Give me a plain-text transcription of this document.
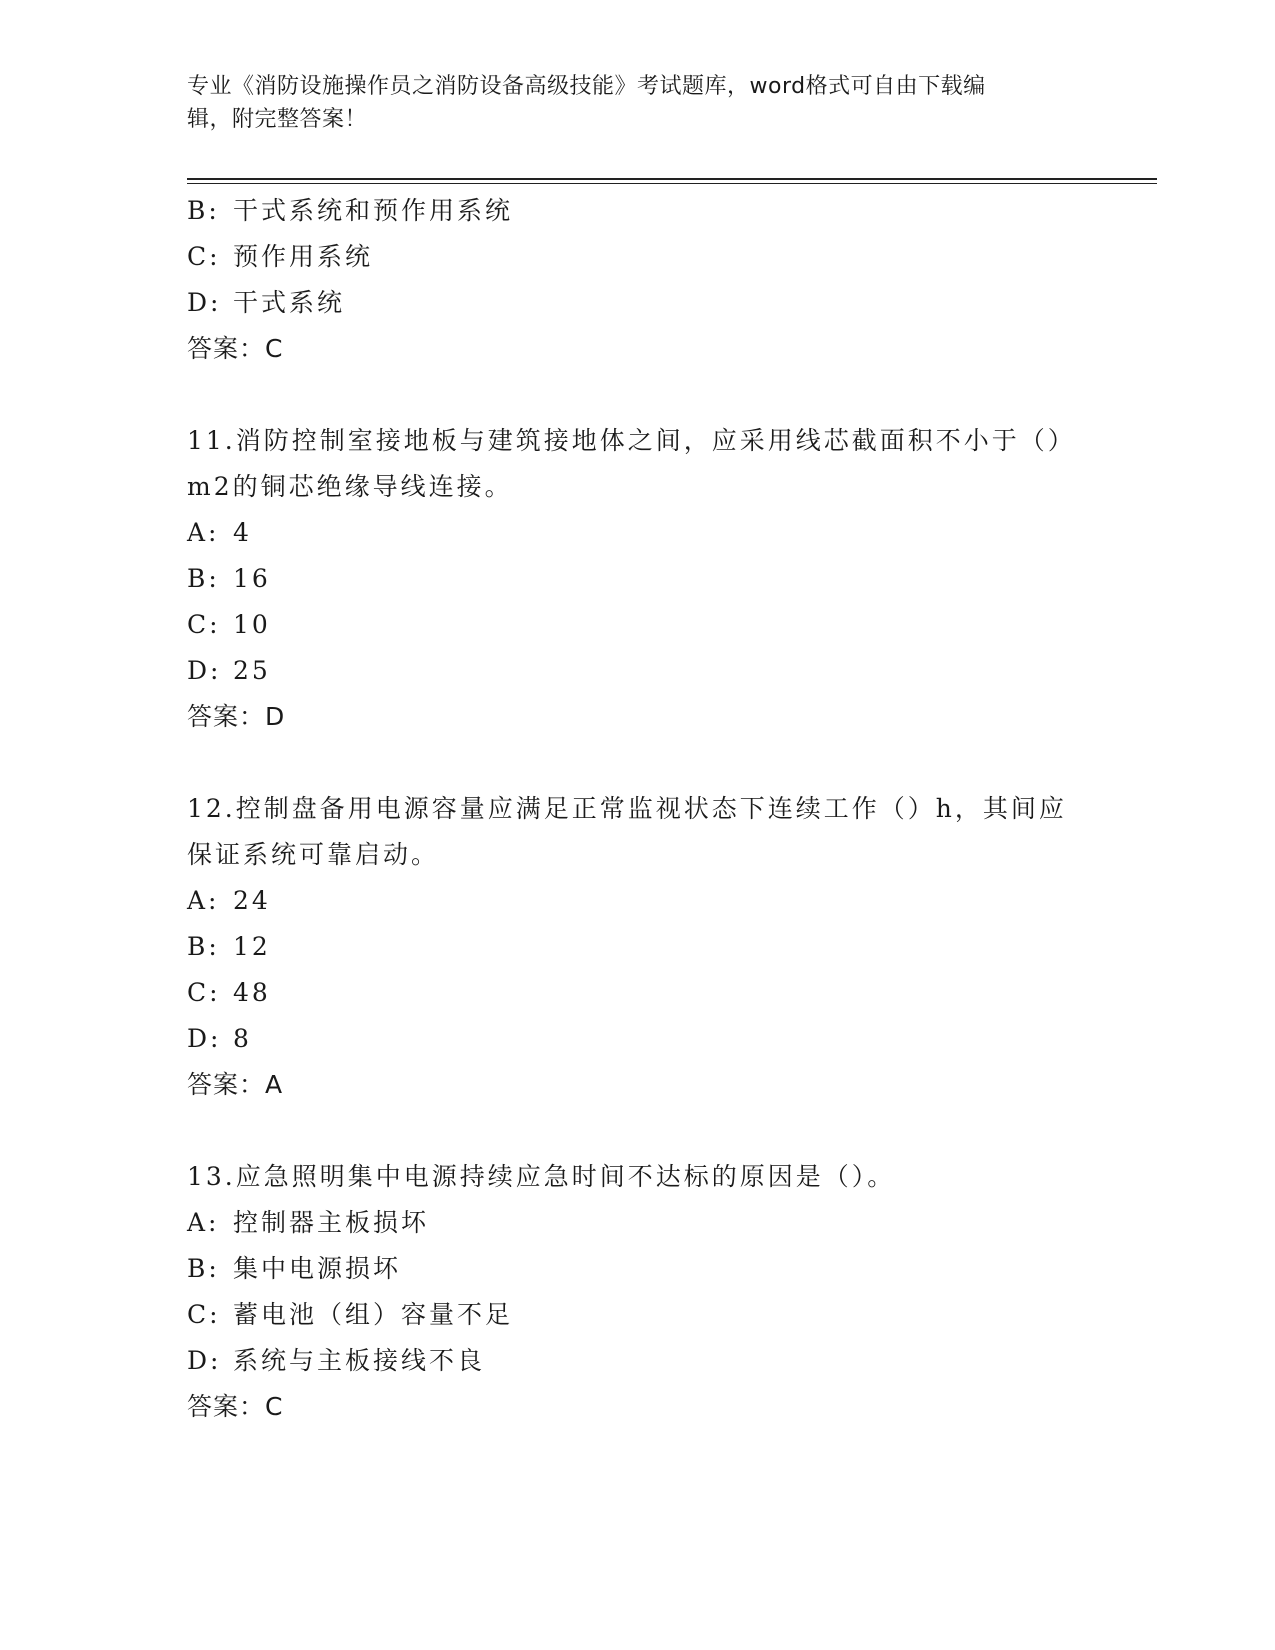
专业《消防设施操作员之消防设备高级技能》考试题库，word格式可自由下载编
辑，附完整答案！
B: 干式系统和预作用系统
C: 预作用系统
D: 干式系统
答案：C
11.消防控制室接地板与建筑接地体之间，应采用线芯截面积不小于（）m2的铜芯绝缘导线连接。
A: 4
B: 16
C: 10
D: 25
答案：D
12.控制盘备用电源容量应满足正常监视状态下连续工作（）h，其间应保证系统可靠启动。
A: 24
B: 12
C: 48
D: 8
答案：A
13.应急照明集中电源持续应急时间不达标的原因是（）。
A: 控制器主板损坏
B: 集中电源损坏
C: 蓄电池（组）容量不足
D: 系统与主板接线不良
答案：C
